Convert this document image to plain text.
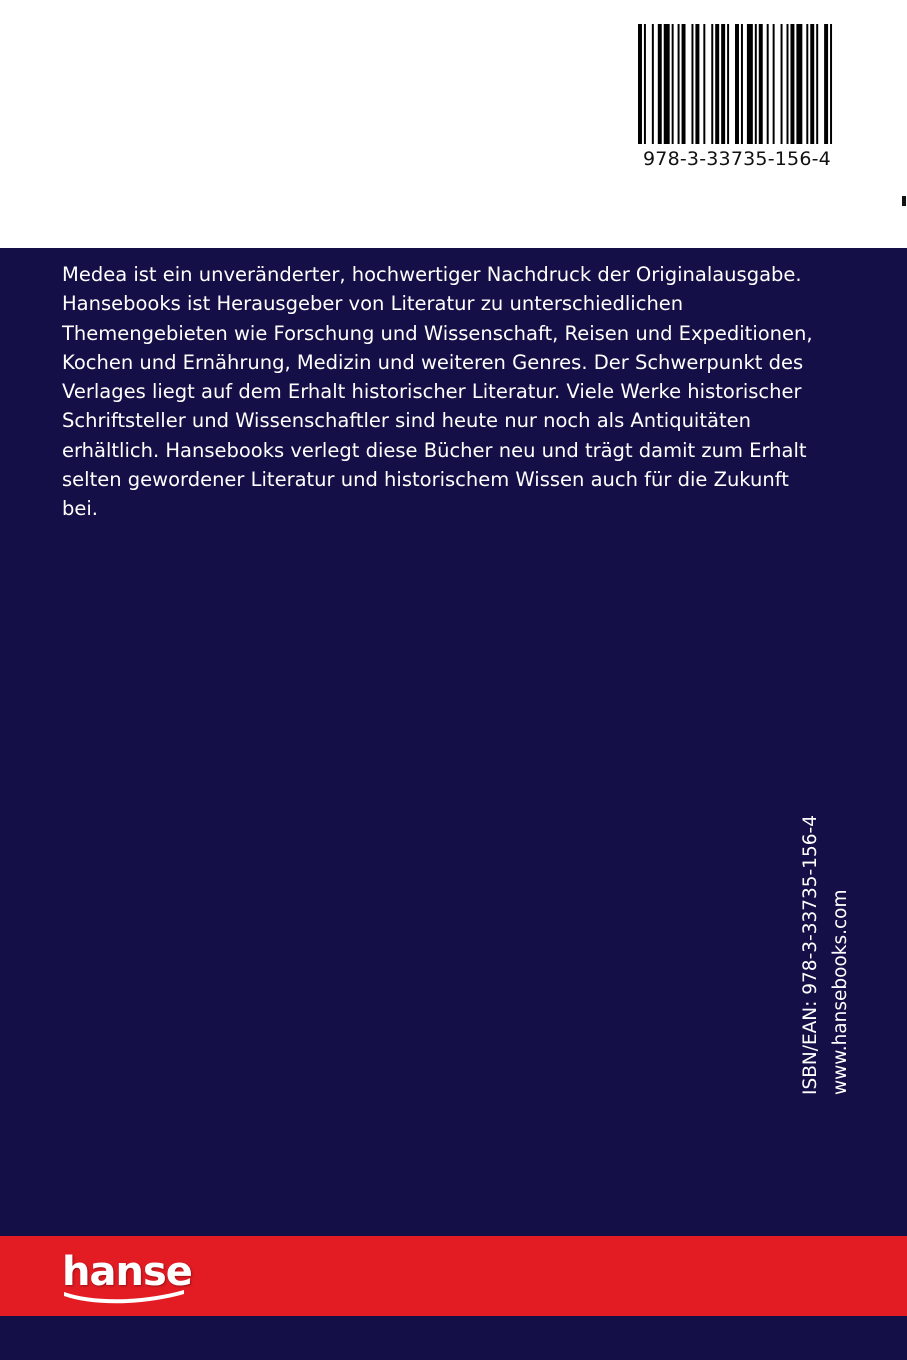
978-3-33735-156-4

Medea ist ein unveränderter, hochwertiger Nachdruck der Originalausgabe.
Hansebooks ist Herausgeber von Literatur zu unterschiedlichen
Themengebieten wie Forschung und Wissenschaft, Reisen und Expeditionen,
Kochen und Ernährung, Medizin und weiteren Genres. Der Schwerpunkt des
Verlages liegt auf dem Erhalt historischer Literatur. Viele Werke historischer
Schriftsteller und Wissenschaftler sind heute nur noch als Antiquitäten
erhältlich. Hansebooks verlegt diese Bücher neu und trägt damit zum Erhalt
selten gewordener Literatur und historischem Wissen auch für die Zukunft
bei.

ISBN/EAN: 978-3-33735-156-4 www.hansebooks.com
hanse
